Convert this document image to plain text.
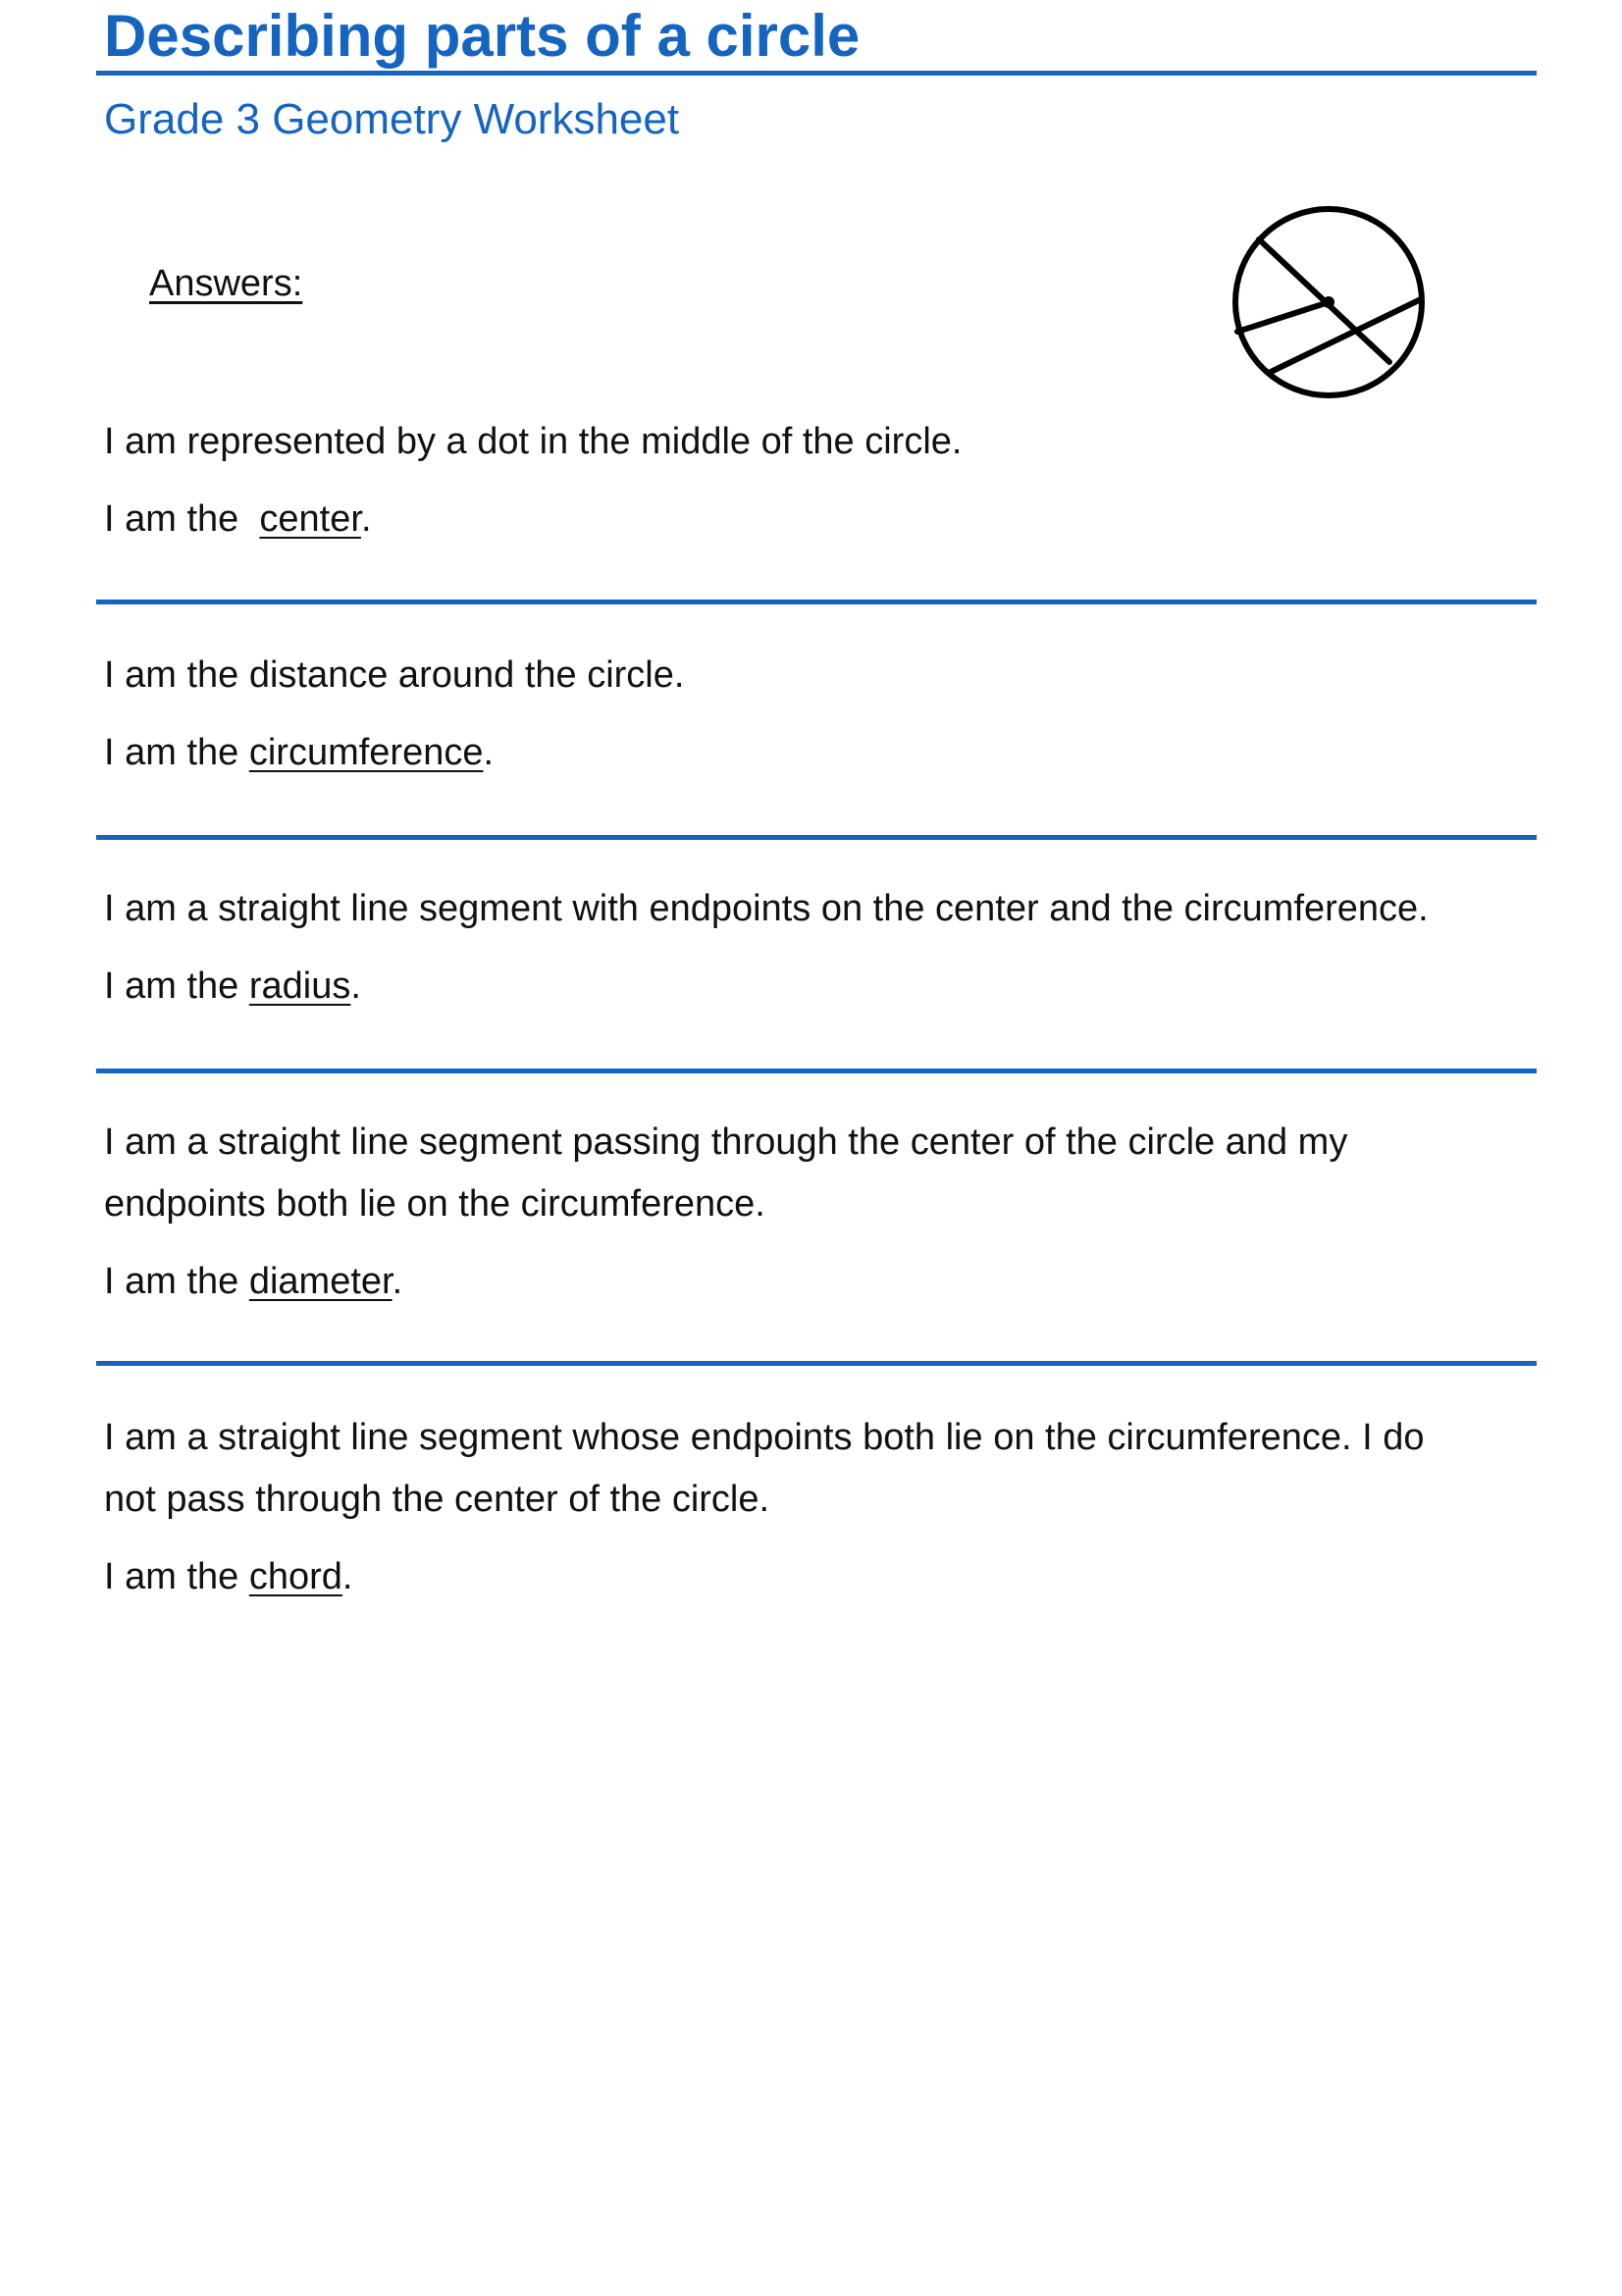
Describing parts of a circle
Grade 3 Geometry Worksheet
Answers:
I am represented by a dot in the middle of the circle.
I am the  center.
I am the distance around the circle.
I am the circumference.
I am a straight line segment with endpoints on the center and the circumference.
I am the radius.
I am a straight line segment passing through the center of the circle and my
endpoints both lie on the circumference.
I am the diameter.
I am a straight line segment whose endpoints both lie on the circumference. I do
not pass through the center of the circle.
I am the chord.
